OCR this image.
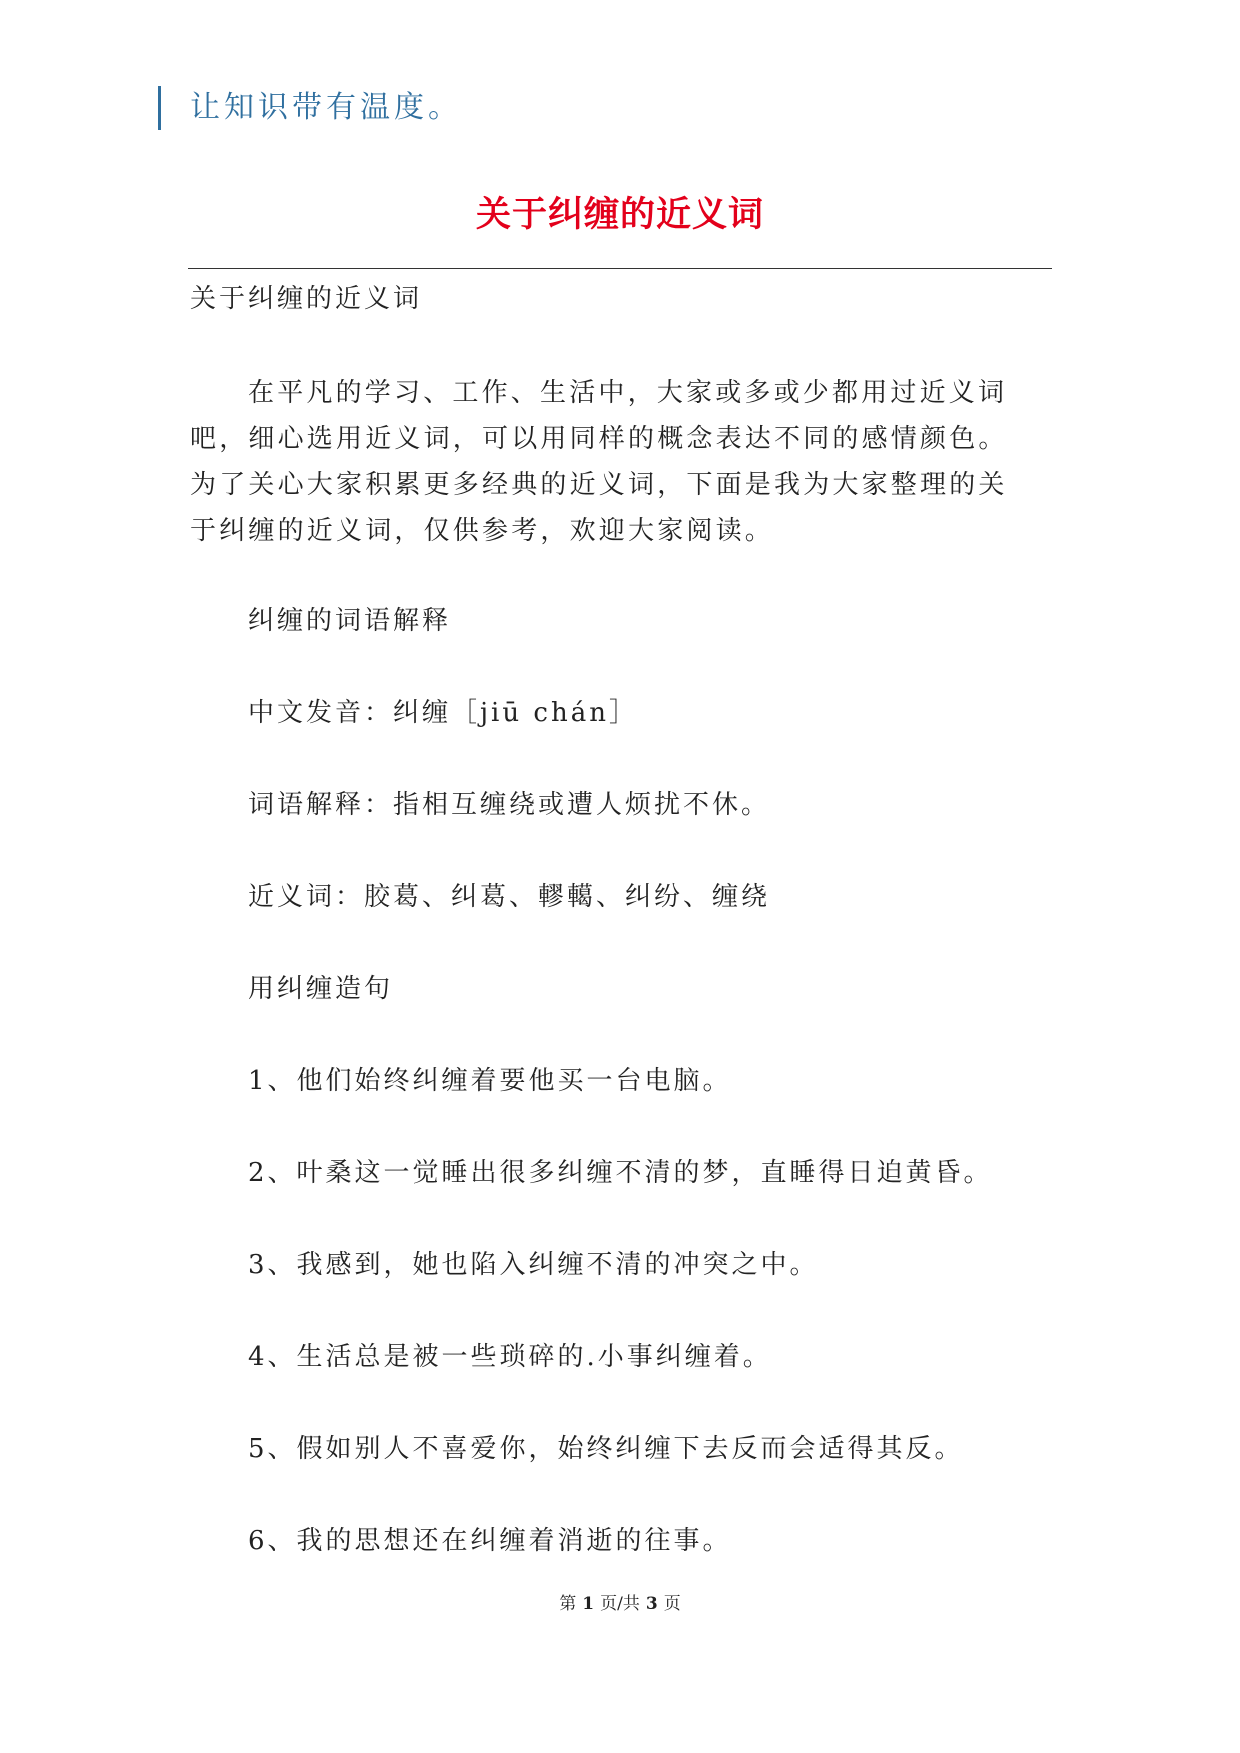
让知识带有温度。
关于纠缠的近义词
关于纠缠的近义词
在平凡的学习、工作、生活中，大家或多或少都用过近义词吧，细心选用近义词，可以用同样的概念表达不同的感情颜色。为了关心大家积累更多经典的近义词，下面是我为大家整理的关于纠缠的近义词，仅供参考，欢迎大家阅读。
纠缠的词语解释
中文发音：纠缠［jiū chán］
词语解释：指相互缠绕或遭人烦扰不休。
近义词：胶葛、纠葛、轇轕、纠纷、缠绕
用纠缠造句
1、他们始终纠缠着要他买一台电脑。
2、叶桑这一觉睡出很多纠缠不清的梦，直睡得日迫黄昏。
3、我感到，她也陷入纠缠不清的冲突之中。
4、生活总是被一些琐碎的.小事纠缠着。
5、假如别人不喜爱你，始终纠缠下去反而会适得其反。
6、我的思想还在纠缠着消逝的往事。
第 1 页/共 3 页
